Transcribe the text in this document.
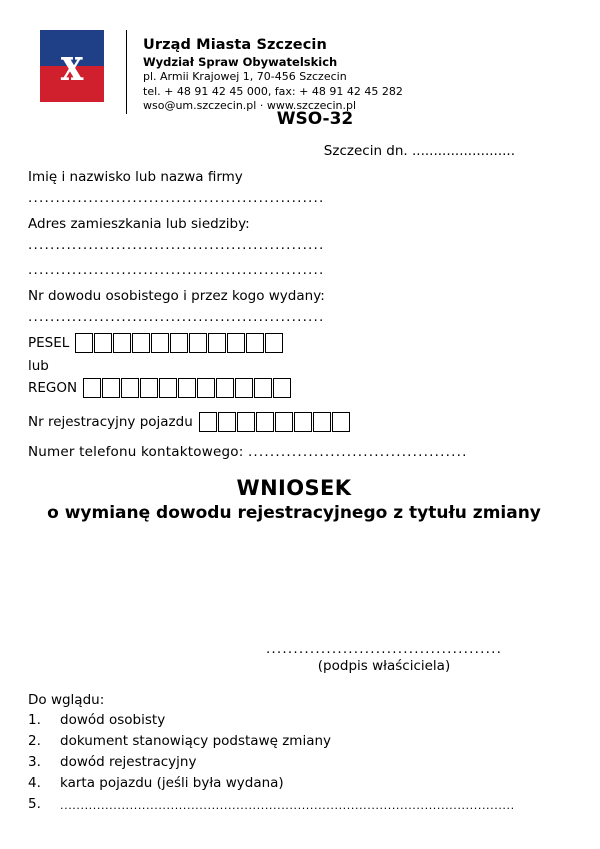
x	Urząd Miasta Szczecin
Wydział Spraw Obywatelskich
pl. Armii Krajowej 1, 70-456 Szczecin
tel. + 48 91 42 45 000, fax: + 48 91 42 45 282
wso@um.szczecin.pl · www.szczecin.pl
WSO-32
Szczecin dn. ........................
Imię i nazwisko lub nazwa firmy
......................................................
Adres zamieszkania lub siedziby:
......................................................
......................................................
Nr dowodu osobistego i przez kogo wydany:
......................................................
PESEL
lub
REGON
Nr rejestracyjny pojazdu
Numer telefonu kontaktowego: ........................................
WNIOSEK
o wymianę dowodu rejestracyjnego z tytułu zmiany
...........................................
(podpis właściciela)
Do wglądu:
1.	dowód osobisty
2.	dokument stanowiący podstawę zmiany
3.	dowód rejestracyjny
4.	karta pojazdu (jeśli była wydana)
5.	...............................................................................................................
